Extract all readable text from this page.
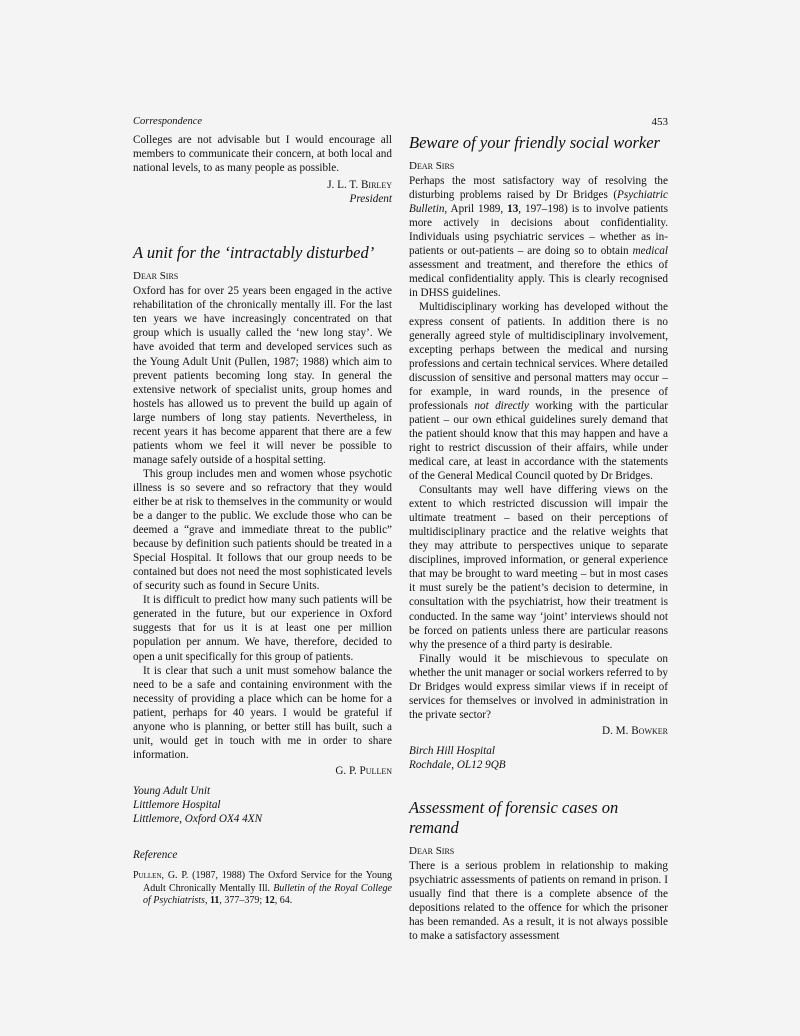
Correspondence	453

Colleges are not advisable but I would encourage all members to communicate their concern, at both local and national levels, to as many people as possible.

J. L. T. Birley
President
A unit for the ‘intractably disturbed’
Dear Sirs

Oxford has for over 25 years been engaged in the active rehabilitation of the chronically mentally ill. For the last ten years we have increasingly concentrated on that group which is usually called the ‘new long stay’. We have avoided that term and developed services such as the Young Adult Unit (Pullen, 1987; 1988) which aim to prevent patients becoming long stay. In general the extensive network of specialist units, group homes and hostels has allowed us to prevent the build up again of large numbers of long stay patients. Nevertheless, in recent years it has become apparent that there are a few patients whom we feel it will never be possible to manage safely outside of a hospital setting.

This group includes men and women whose psychotic illness is so severe and so refractory that they would either be at risk to themselves in the community or would be a danger to the public. We exclude those who can be deemed a “grave and immediate threat to the public” because by definition such patients should be treated in a Special Hospital. It follows that our group needs to be contained but does not need the most sophisticated levels of security such as found in Secure Units.

It is difficult to predict how many such patients will be generated in the future, but our experience in Oxford suggests that for us it is at least one per million population per annum. We have, therefore, decided to open a unit specifically for this group of patients.

It is clear that such a unit must somehow balance the need to be a safe and containing environment with the necessity of providing a place which can be home for a patient, perhaps for 40 years. I would be grateful if anyone who is planning, or better still has built, such a unit, would get in touch with me in order to share information.

G. P. Pullen
Young Adult Unit
Littlemore Hospital
Littlemore, Oxford OX4 4XN
Reference
Pullen, G. P. (1987, 1988) The Oxford Service for the Young Adult Chronically Mentally Ill. Bulletin of the Royal College of Psychiatrists, 11, 377–379; 12, 64.
Beware of your friendly social worker
Dear Sirs

Perhaps the most satisfactory way of resolving the disturbing problems raised by Dr Bridges (Psychiatric Bulletin, April 1989, 13, 197–198) is to involve patients more actively in decisions about confidentiality. Individuals using psychiatric services – whether as in-patients or out-patients – are doing so to obtain medical assessment and treatment, and therefore the ethics of medical confidentiality apply. This is clearly recognised in DHSS guidelines.

Multidisciplinary working has developed without the express consent of patients. In addition there is no generally agreed style of multidisciplinary involvement, excepting perhaps between the medical and nursing professions and certain technical services. Where detailed discussion of sensitive and personal matters may occur – for example, in ward rounds, in the presence of professionals not directly working with the particular patient – our own ethical guidelines surely demand that the patient should know that this may happen and have a right to restrict discussion of their affairs, while under medical care, at least in accordance with the statements of the General Medical Council quoted by Dr Bridges.

Consultants may well have differing views on the extent to which restricted discussion will impair the ultimate treatment – based on their perceptions of multidisciplinary practice and the relative weights that they may attribute to perspectives unique to separate disciplines, improved information, or general experience that may be brought to ward meeting – but in most cases it must surely be the patient’s decision to determine, in consultation with the psychiatrist, how their treatment is conducted. In the same way ‘joint’ interviews should not be forced on patients unless there are particular reasons why the presence of a third party is desirable.

Finally would it be mischievous to speculate on whether the unit manager or social workers referred to by Dr Bridges would express similar views if in receipt of services for themselves or involved in administration in the private sector?

D. M. Bowker
Birch Hill Hospital
Rochdale, OL12 9QB
Assessment of forensic cases on remand
Dear Sirs

There is a serious problem in relationship to making psychiatric assessments of patients on remand in prison. I usually find that there is a complete absence of the depositions related to the offence for which the prisoner has been remanded. As a result, it is not always possible to make a satisfactory assessment
